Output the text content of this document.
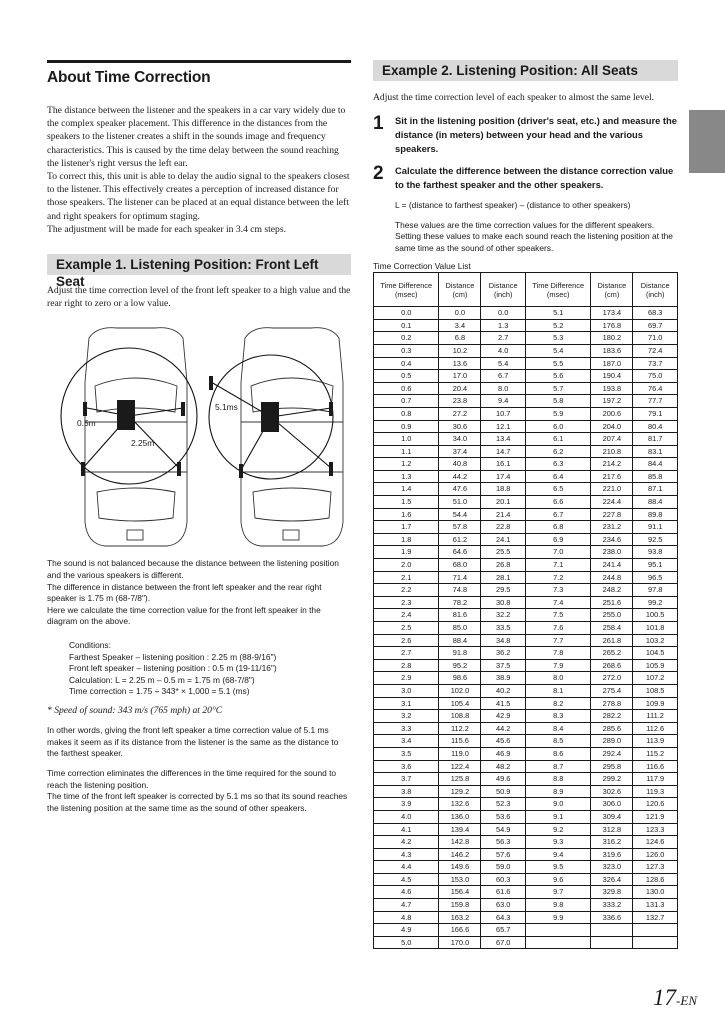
About Time Correction

The distance between the listener and the speakers in a car vary widely due to the complex speaker placement. This difference in the distances from the speakers to the listener creates a shift in the sounds image and frequency characteristics. This is caused by the time delay between the sound reaching the listener's right versus the left ear.

To correct this, this unit is able to delay the audio signal to the speakers closest to the listener. This effectively creates a perception of increased distance for those speakers. The listener can be placed at an equal distance between the left and right speakers for optimum staging.

The adjustment will be made for each speaker in 3.4 cm steps.

Example 1. Listening Position: Front Left Seat

Adjust the time correction level of the front left speaker to a high value and the rear right to zero or a low value.

0.5m
2.25m
5.1ms

The sound is not balanced because the distance between the listening position and the various speakers is different.

The difference in distance between the front left speaker and the rear right speaker is 1.75 m (68-7/8").

Here we calculate the time correction value for the front left speaker in the diagram on the above.

Conditions:

Farthest Speaker – listening position : 2.25 m (88-9/16")

Front left speaker – listening position : 0.5 m (19-11/16")

Calculation: L = 2.25 m – 0.5 m = 1.75 m (68-7/8")

Time correction = 1.75 ÷ 343* × 1,000 = 5.1 (ms)

* Speed of sound: 343 m/s (765 mph) at 20°C

In other words, giving the front left speaker a time correction value of 5.1 ms makes it seem as if its distance from the listener is the same as the distance to the farthest speaker.

Time correction eliminates the differences in the time required for the sound to reach the listening position.

The time of the front left speaker is corrected by 5.1 ms so that its sound reaches the listening position at the same time as the sound of other speakers.

Example 2. Listening Position: All Seats

Adjust the time correction level of each speaker to almost the same level.

1	Sit in the listening position (driver's seat, etc.) and measure the distance (in meters) between your head and the various speakers.
2	Calculate the difference between the distance correction value to the farthest speaker and the other speakers.

L = (distance to farthest speaker) – (distance to other speakers)

These values are the time correction values for the different speakers. Setting these values to make each sound reach the listening position at the same time as the sound of other speakers.

Time Correction Value List

Time Difference (msec)	Distance (cm)	Distance (inch)	Time Difference (msec)	Distance (cm)	Distance (inch)
0.0	0.0	0.0	5.1	173.4	68.3
0.1	3.4	1.3	5.2	176.8	69.7
0.2	6.8	2.7	5.3	180.2	71.0
0.3	10.2	4.0	5.4	183.6	72.4
0.4	13.6	5.4	5.5	187.0	73.7
0.5	17.0	6.7	5.6	190.4	75.0
0.6	20.4	8.0	5.7	193.8	76.4
0.7	23.8	9.4	5.8	197.2	77.7
0.8	27.2	10.7	5.9	200.6	79.1
0.9	30.6	12.1	6.0	204.0	80.4
1.0	34.0	13.4	6.1	207.4	81.7
1.1	37.4	14.7	6.2	210.8	83.1
1.2	40.8	16.1	6.3	214.2	84.4
1.3	44.2	17.4	6.4	217.6	85.8
1.4	47.6	18.8	6.5	221.0	87.1
1.5	51.0	20.1	6.6	224.4	88.4
1.6	54.4	21.4	6.7	227.8	89.8
1.7	57.8	22.8	6.8	231.2	91.1
1.8	61.2	24.1	6.9	234.6	92.5
1.9	64.6	25.5	7.0	238.0	93.8
2.0	68.0	26.8	7.1	241.4	95.1
2.1	71.4	28.1	7.2	244.8	96.5
2.2	74.8	29.5	7.3	248.2	97.8
2.3	78.2	30.8	7.4	251.6	99.2
2.4	81.6	32.2	7.5	255.0	100.5
2.5	85.0	33.5	7.6	258.4	101.8
2.6	88.4	34.8	7.7	261.8	103.2
2.7	91.8	36.2	7.8	265.2	104.5
2.8	95.2	37.5	7.9	268.6	105.9
2.9	98.6	38.9	8.0	272.0	107.2
3.0	102.0	40.2	8.1	275.4	108.5
3.1	105.4	41.5	8.2	278.8	109.9
3.2	108.8	42.9	8.3	282.2	111.2
3.3	112.2	44.2	8.4	285.6	112.6
3.4	115.6	45.6	8.5	289.0	113.9
3.5	119.0	46.9	8.6	292.4	115.2
3.6	122.4	48.2	8.7	295.8	116.6
3.7	125.8	49.6	8.8	299.2	117.9
3.8	129.2	50.9	8.9	302.6	119.3
3.9	132.6	52.3	9.0	306.0	120.6
4.0	136.0	53.6	9.1	309.4	121.9
4.1	139.4	54.9	9.2	312.8	123.3
4.2	142.8	56.3	9.3	316.2	124.6
4.3	146.2	57.6	9.4	319.6	126.0
4.4	149.6	59.0	9.5	323.0	127.3
4.5	153.0	60.3	9.6	326.4	128.6
4.6	156.4	61.6	9.7	329.8	130.0
4.7	159.8	63.0	9.8	333.2	131.3
4.8	163.2	64.3	9.9	336.6	132.7
4.9	166.6	65.7			
5.0	170.0	67.0			
17-EN
